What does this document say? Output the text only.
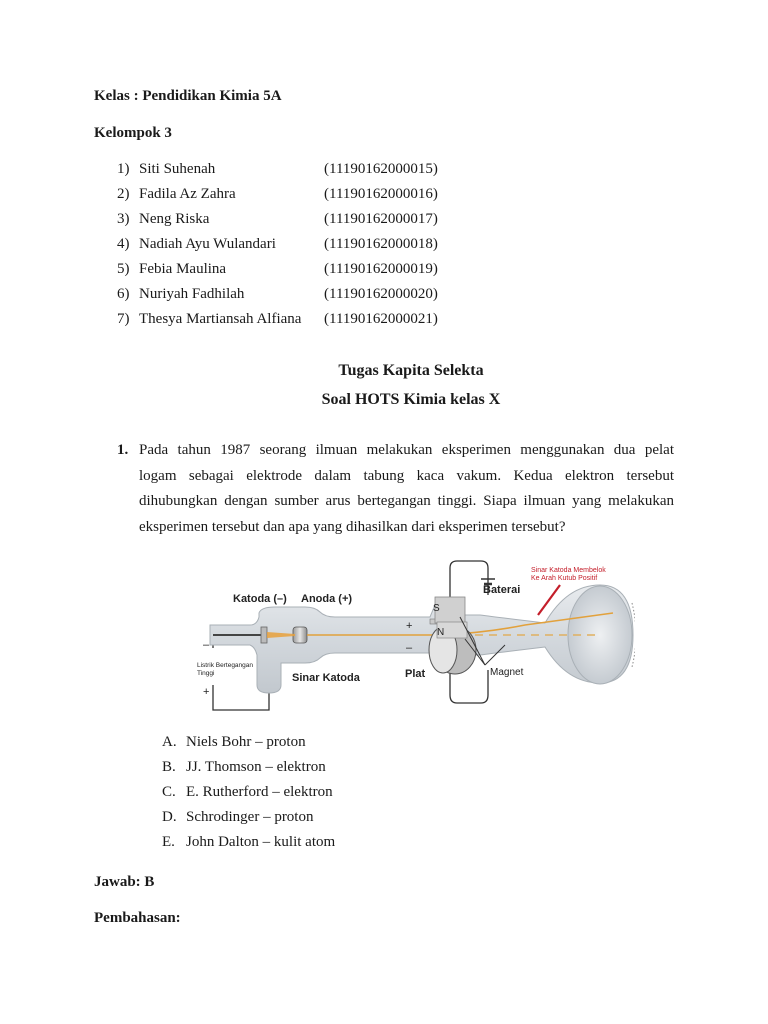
Kelas : Pendidikan Kimia 5A
Kelompok 3
1) Siti Suhenah	(11190162000015)
2) Fadila Az Zahra	(11190162000016)
3) Neng Riska	(11190162000017)
4) Nadiah Ayu Wulandari	(11190162000018)
5) Febia Maulina	(11190162000019)
6) Nuriyah Fadhilah	(11190162000020)
7) Thesya Martiansah Alfiana (11190162000021)
Tugas Kapita Selekta
Soal HOTS Kimia kelas X
1. Pada tahun 1987 seorang ilmuan melakukan eksperimen menggunakan dua pelat
logam sebagai elektrode dalam tabung kaca vakum. Kedua elektron tersebut
dihubungkan dengan sumber arus bertegangan tinggi. Siapa ilmuan yang melakukan
eksperimen tersebut dan apa yang dihasilkan dari eksperimen tersebut?
Katoda (–) Anoda (+)
Baterai
Sinar Katoda Membelok
Ke Arah Kutub Positif
Listrik Bertegangan
Tinggi	Sinar Katoda	Plat	Magnet
S
N
+
–
–
+
A. Niels Bohr – proton
B. JJ. Thomson – elektron
C. E. Rutherford – elektron
D. Schrodinger – proton
E. John Dalton – kulit atom
Jawab: B
Pembahasan:
